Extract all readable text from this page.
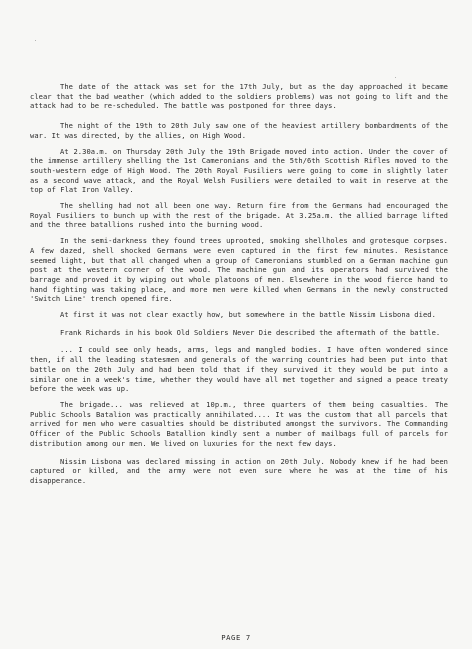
The date of the attack was set for the 17th July, but as the day approached it became clear that the bad weather (which added to the soldiers problems) was not going to lift and the attack had to be re-scheduled. The battle was postponed for three days.

The night of the 19th to 20th July saw one of the heaviest artillery bombardments of the war. It was directed, by the allies, on High Wood.

At 2.30a.m. on Thursday 20th July the 19th Brigade moved into action. Under the cover of the immense artillery shelling the 1st Cameronians and the 5th/6th Scottish Rifles moved to the south-western edge of High Wood. The 20th Royal Fusiliers were going to come in slightly later as a second wave attack, and the Royal Welsh Fusiliers were detailed to wait in reserve at the top of Flat Iron Valley.

The shelling had not all been one way. Return fire from the Germans had encouraged the Royal Fusiliers to bunch up with the rest of the brigade. At 3.25a.m. the allied barrage lifted and the three batallions rushed into the burning wood.

In the semi-darkness they found trees uprooted, smoking shellholes and grotesque corpses. A few dazed, shell shocked Germans were even captured in the first few minutes. Resistance seemed light, but that all changed when a group of Cameronians stumbled on a German machine gun post at the western corner of the wood. The machine gun and its operators had survived the barrage and proved it by wiping out whole platoons of men. Elsewhere in the wood fierce hand to hand fighting was taking place, and more men were killed when Germans in the newly constructed 'Switch Line' trench opened fire.

At first it was not clear exactly how, but somewhere in the battle Nissim Lisbona died.

Frank Richards in his book Old Soldiers Never Die described the aftermath of the battle.

... I could see only heads, arms, legs and mangled bodies. I have often wondered since then, if all the leading statesmen and generals of the warring countries had been put into that battle on the 20th July and had been told that if they survived it they would be put into a similar one in a week's time, whether they would have all met together and signed a peace treaty before the week was up.

The brigade... was relieved at 10p.m., three quarters of them being casualties. The Public Schools Batalion was practically annihilated.... It was the custom that all parcels that arrived for men who were casualties should be distributed amongst the survivors. The Commanding Officer of the Public Schools Batallion kindly sent a number of mailbags full of parcels for distribution among our men. We lived on luxuries for the next few days.

Nissim Lisbona was declared missing in action on 20th July. Nobody knew if he had been captured or killed, and the army were not even sure where he was at the time of his disapperance.

PAGE 7
